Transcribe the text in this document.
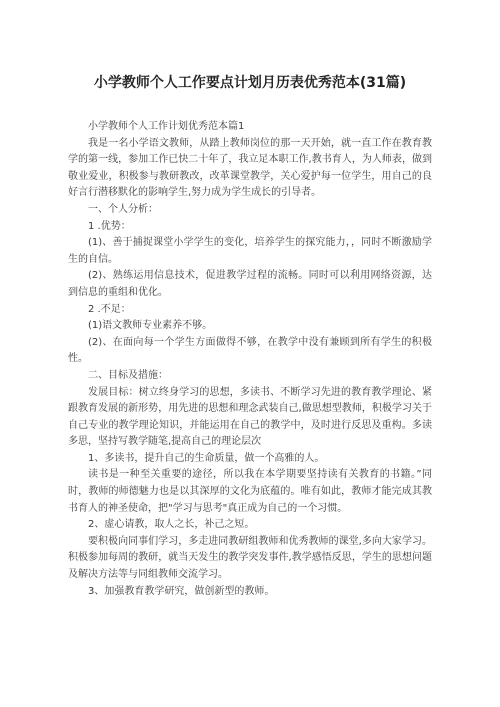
小学教师个人工作要点计划月历表优秀范本(31篇)

小学教师个人工作计划优秀范本篇1

我是一名小学语文教师，从踏上教师岗位的那一天开始，就一直工作在教育教学的第一线，参加工作已快二十年了，我立足本职工作,教书育人，为人师表，做到敬业爱业，积极参与教研教改，改革课堂教学，关心爱护每一位学生，用自己的良好言行潜移默化的影响学生,努力成为学生成长的引导者。

一、个人分析：

1 .优势：

(1)、善于捕捉课堂小学学生的变化，培养学生的探究能力，，同时不断激励学生的自信。

(2)、熟练运用信息技术，促进教学过程的流畅。同时可以利用网络资源，达到信息的重组和优化。

2 .不足：

(1)语文教师专业素养不够。

(2)、在面向每一个学生方面做得不够，在教学中没有兼顾到所有学生的积极性。

二、目标及措施：

发展目标：树立终身学习的思想，多读书、不断学习先进的教育教学理论、紧跟教育发展的新形势，用先进的思想和理念武装自己,做思想型教师，积极学习关于自己专业的教学理论知识，并能运用在自己的教学中，及时进行反思及重构。多读多思，坚持写教学随笔,提高自己的理论层次

1、多读书，提升自己的生命质量，做一个高雅的人。

读书是一种至关重要的途径，所以我在本学期要坚持读有关教育的书籍。”同时，教师的师德魅力也是以其深厚的文化为底蕴的。唯有如此，教师才能完成其教书育人的神圣使命，把"学习与思考"真正成为自己的一个习惯。

2、虚心请教，取人之长，补己之短。

要积极向同事们学习，多走进同教研组教师和优秀教师的课堂,多向大家学习。积极参加每周的教研，就当天发生的教学突发事件,教学感悟反思，学生的思想问题及解决方法等与同组教师交流学习。

3、加强教育教学研究，做创新型的教师。
